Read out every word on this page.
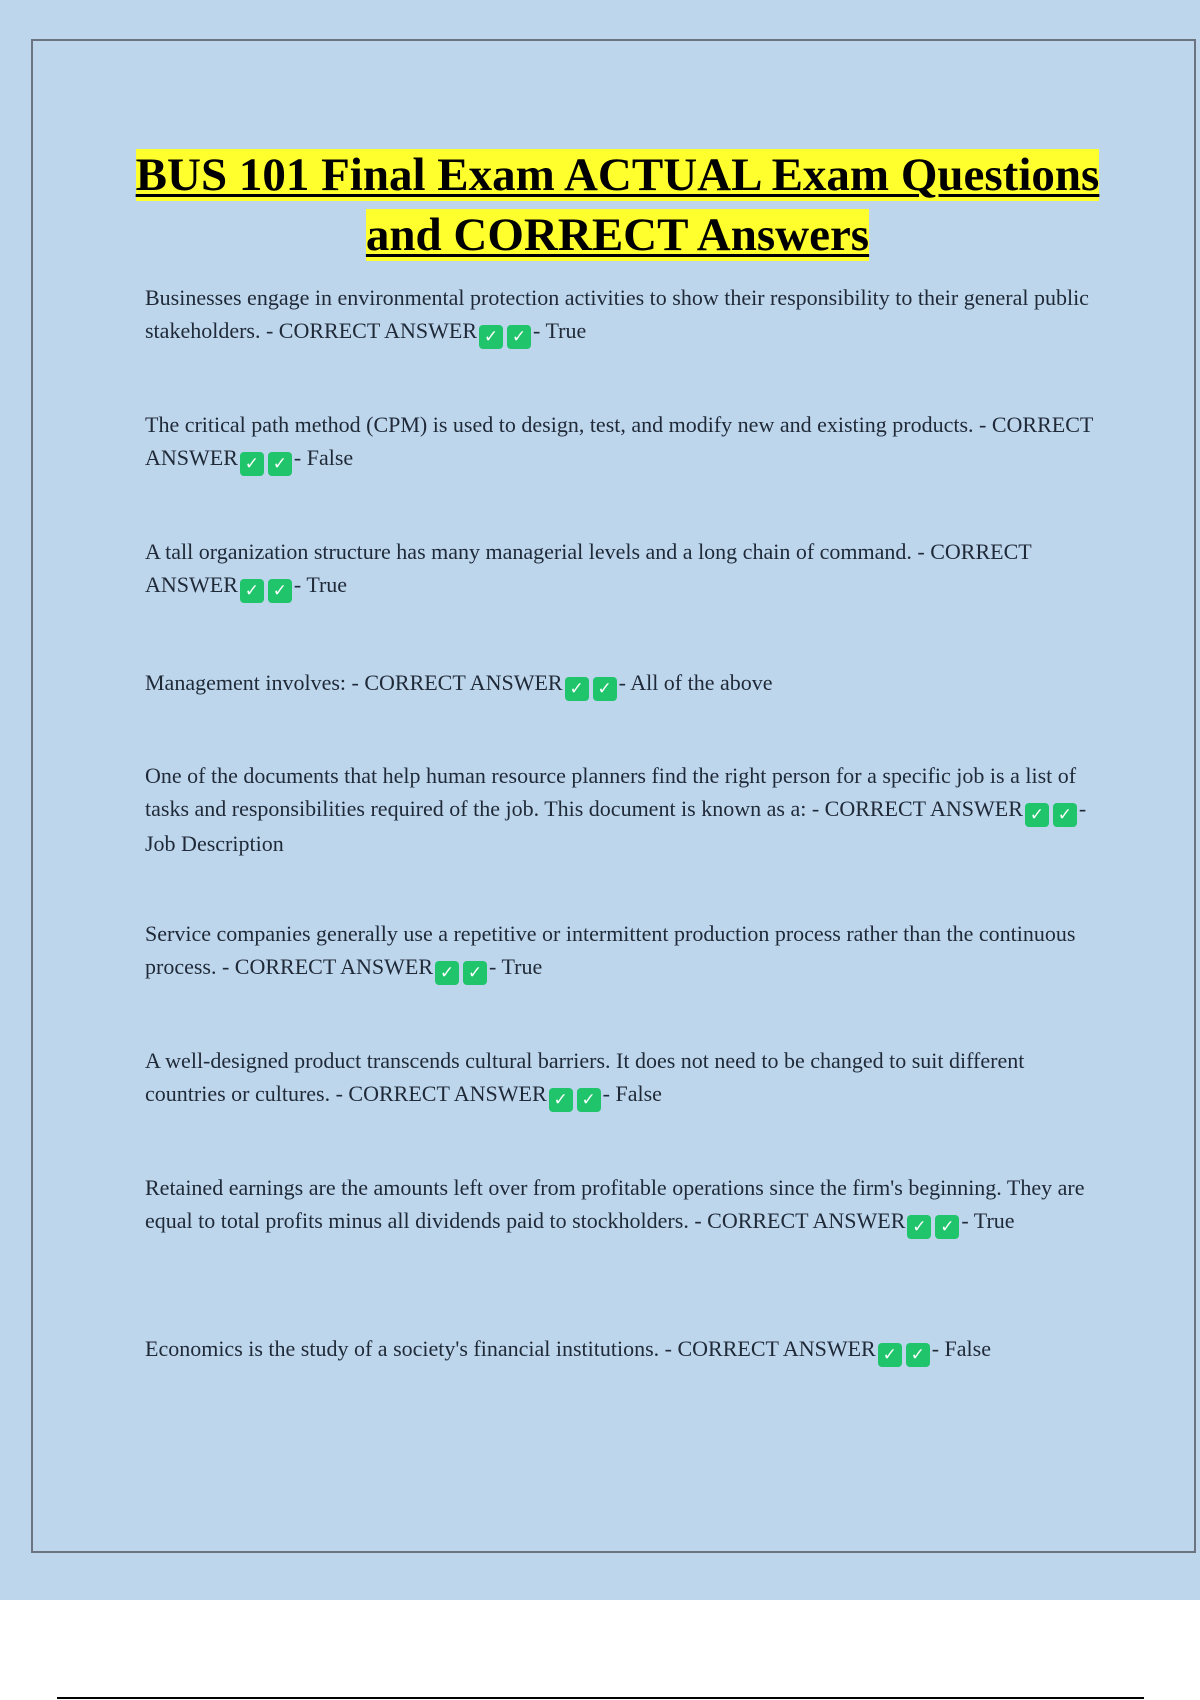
BUS 101 Final Exam ACTUAL Exam Questions and CORRECT Answers
Businesses engage in environmental protection activities to show their responsibility to their general public stakeholders. - CORRECT ANSWER ✓ ✓ - True
The critical path method (CPM) is used to design, test, and modify new and existing products. - CORRECT ANSWER ✓ ✓ - False
A tall organization structure has many managerial levels and a long chain of command. - CORRECT ANSWER ✓ ✓ - True
Management involves: - CORRECT ANSWER ✓ ✓ - All of the above
One of the documents that help human resource planners find the right person for a specific job is a list of tasks and responsibilities required of the job. This document is known as a: - CORRECT ANSWER ✓ ✓ - Job Description
Service companies generally use a repetitive or intermittent production process rather than the continuous process. - CORRECT ANSWER ✓ ✓ - True
A well-designed product transcends cultural barriers. It does not need to be changed to suit different countries or cultures. - CORRECT ANSWER ✓ ✓ - False
Retained earnings are the amounts left over from profitable operations since the firm's beginning. They are equal to total profits minus all dividends paid to stockholders. - CORRECT ANSWER ✓ ✓ - True
Economics is the study of a society's financial institutions. - CORRECT ANSWER ✓ ✓ - False
